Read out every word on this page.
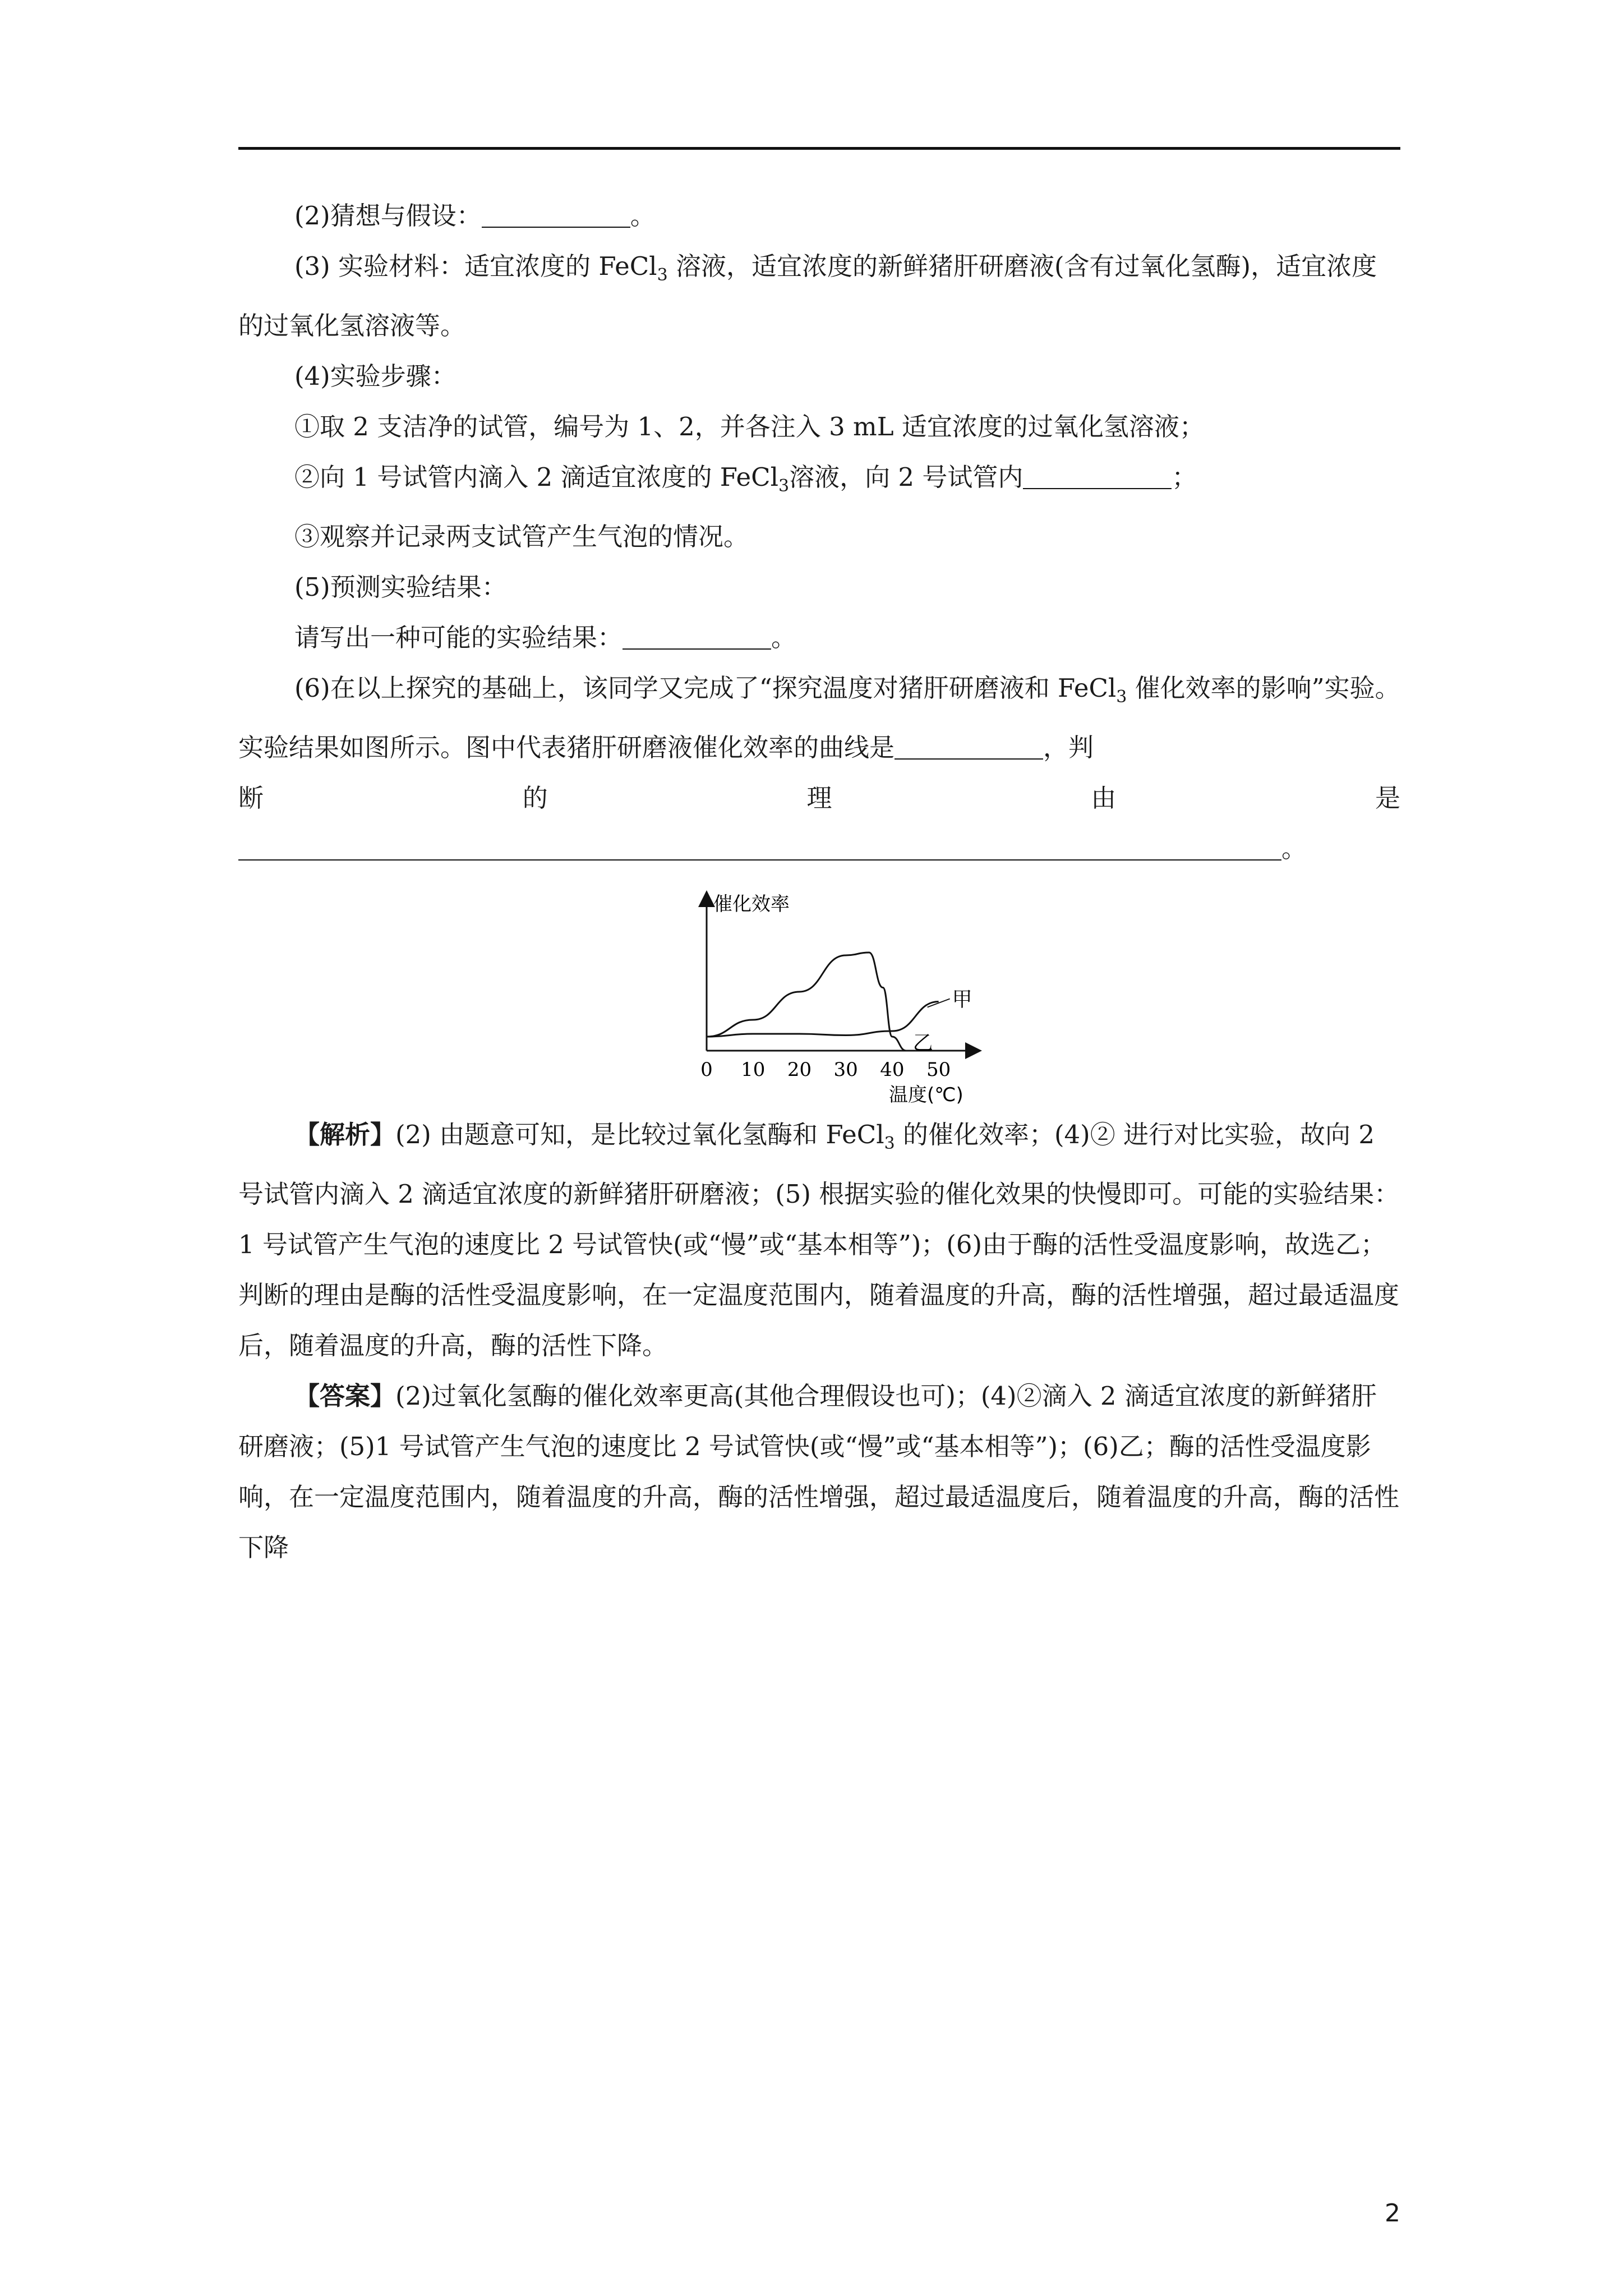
(2)猜想与假设：	。

(3) 实验材料：适宜浓度的 FeCl$_3$ 溶液，适宜浓度的新鲜猪肝研磨液(含有过氧化氢酶)，适宜浓度的过氧化氢溶液等。

(4)实验步骤：

①取 2 支洁净的试管，编号为 1、2，并各注入 3 mL 适宜浓度的过氧化氢溶液；

②向 1 号试管内滴入 2 滴适宜浓度的 FeCl$_3$溶液，向 2 号试管内	；

③观察并记录两支试管产生气泡的情况。

(5)预测实验结果：

请写出一种可能的实验结果：	。

(6)在以上探究的基础上，该同学又完成了“探究温度对猪肝研磨液和 FeCl$_3$ 催化效率的影响”实验。实验结果如图所示。图中代表猪肝研磨液催化效率的曲线是	，判

断	的	理	由	是

。

催化效率
温度(℃)
0 10 20 30 40 50
甲
乙

【解析】(2) 由题意可知，是比较过氧化氢酶和 FeCl$_3$ 的催化效率；(4)② 进行对比实验，故向 2 号试管内滴入 2 滴适宜浓度的新鲜猪肝研磨液；(5) 根据实验的催化效果的快慢即可。可能的实验结果：1 号试管产生气泡的速度比 2 号试管快(或“慢”或“基本相等”)；(6)由于酶的活性受温度影响，故选乙；判断的理由是酶的活性受温度影响，在一定温度范围内，随着温度的升高，酶的活性增强，超过最适温度后，随着温度的升高，酶的活性下降。

【答案】(2)过氧化氢酶的催化效率更高(其他合理假设也可)；(4)②滴入 2 滴适宜浓度的新鲜猪肝研磨液；(5)1 号试管产生气泡的速度比 2 号试管快(或“慢”或“基本相等”)；(6)乙；酶的活性受温度影响，在一定温度范围内，随着温度的升高，酶的活性增强，超过最适温度后，随着温度的升高，酶的活性下降

2
